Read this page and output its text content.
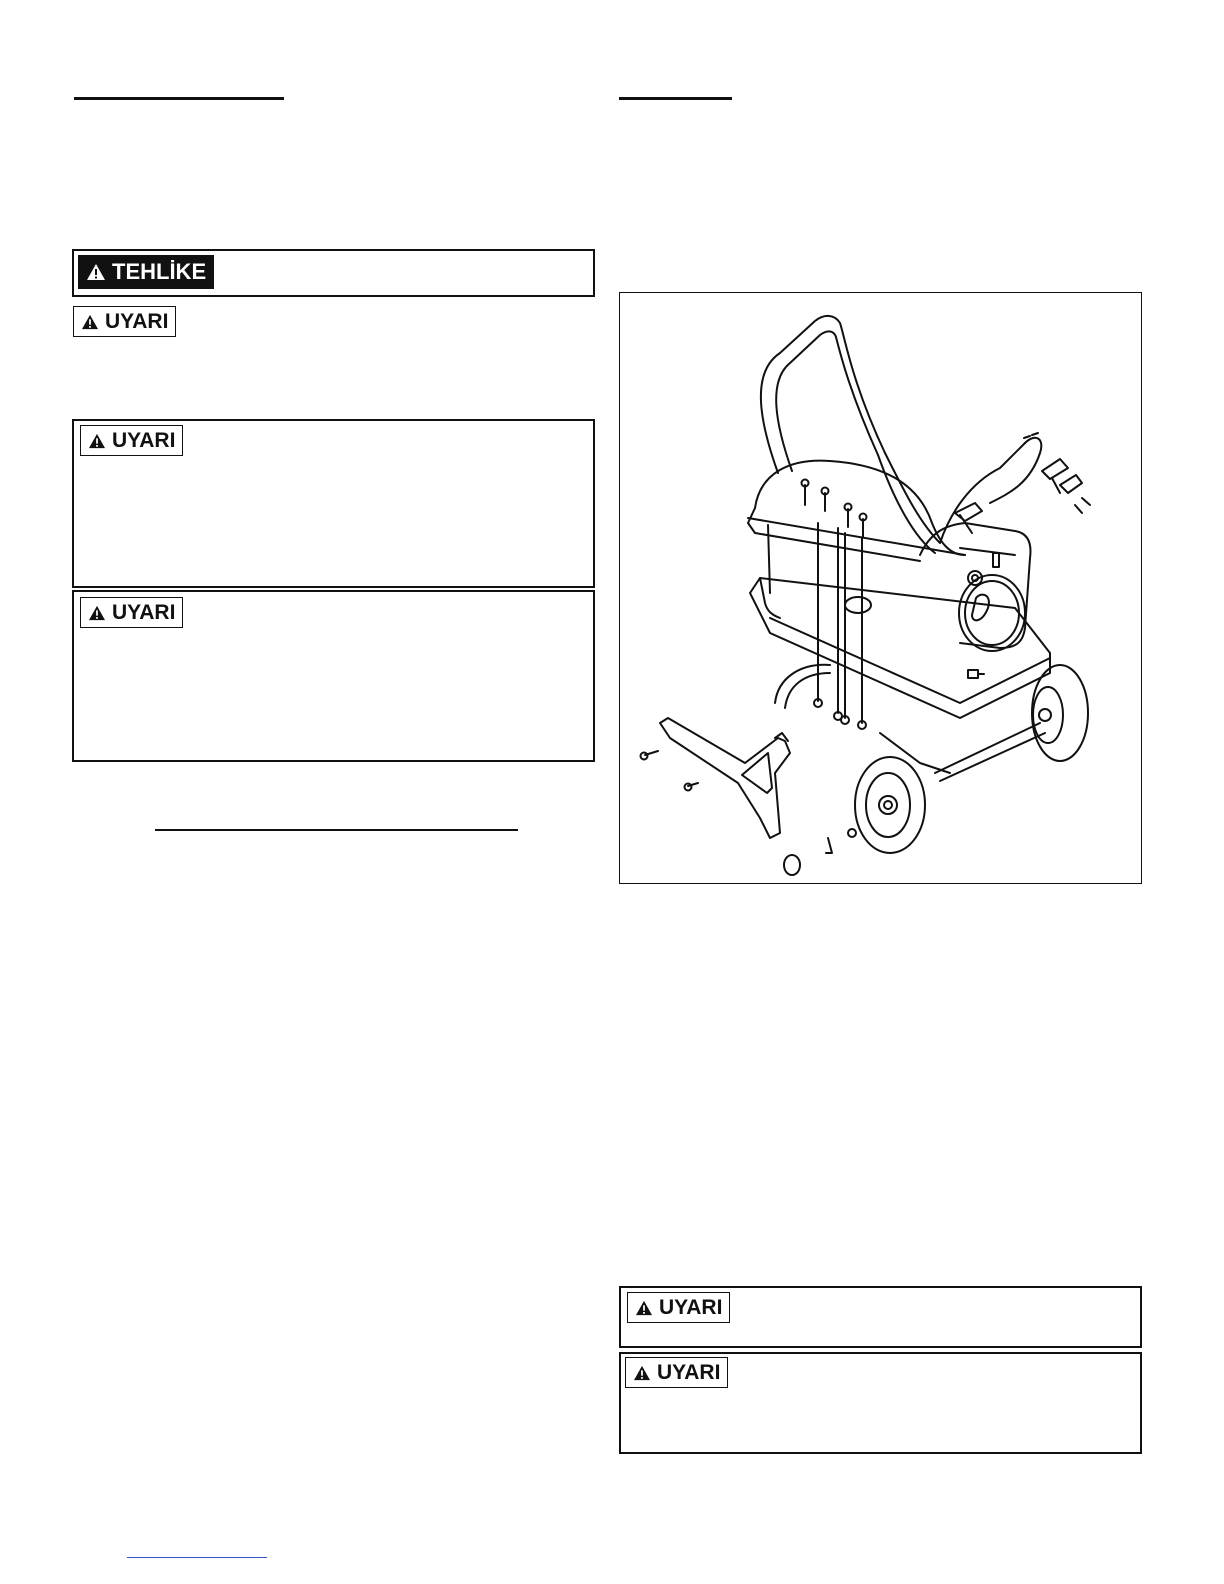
TEHLİKE
UYARI
UYARI
UYARI
UYARI
UYARI
